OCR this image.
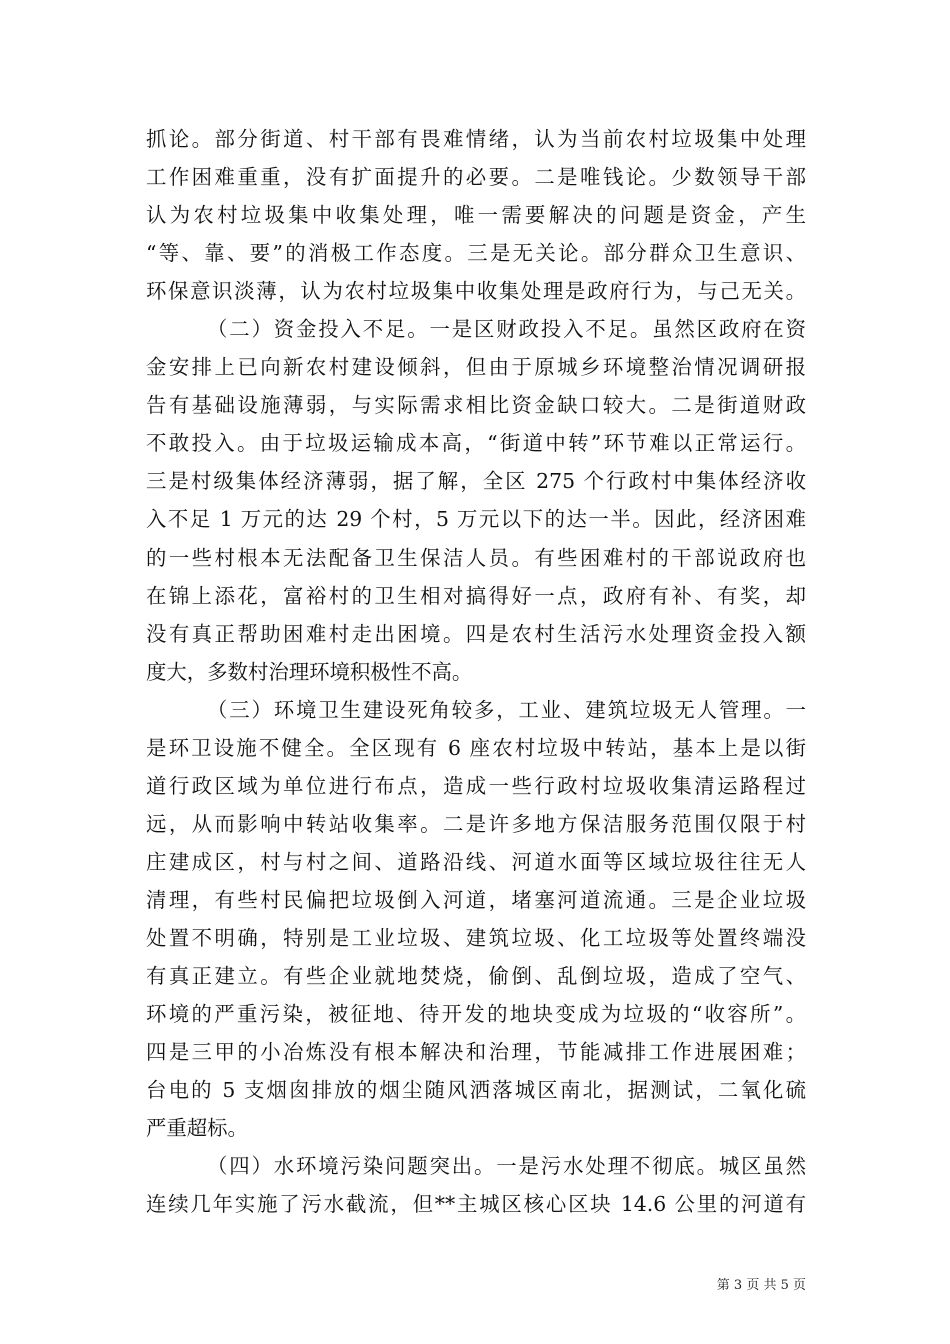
抓论。部分街道、村干部有畏难情绪，认为当前农村垃圾集中处理
工作困难重重，没有扩面提升的必要。二是唯钱论。少数领导干部
认为农村垃圾集中收集处理，唯一需要解决的问题是资金，产生
“等、靠、要”的消极工作态度。三是无关论。部分群众卫生意识、
环保意识淡薄，认为农村垃圾集中收集处理是政府行为，与己无关。
（二）资金投入不足。一是区财政投入不足。虽然区政府在资
金安排上已向新农村建设倾斜，但由于原城乡环境整治情况调研报
告有基础设施薄弱，与实际需求相比资金缺口较大。二是街道财政
不敢投入。由于垃圾运输成本高，“街道中转”环节难以正常运行。
三是村级集体经济薄弱，据了解，全区 275 个行政村中集体经济收
入不足 1 万元的达 29 个村，5 万元以下的达一半。因此，经济困难
的一些村根本无法配备卫生保洁人员。有些困难村的干部说政府也
在锦上添花，富裕村的卫生相对搞得好一点，政府有补、有奖，却
没有真正帮助困难村走出困境。四是农村生活污水处理资金投入额
度大，多数村治理环境积极性不高。
（三）环境卫生建设死角较多，工业、建筑垃圾无人管理。一
是环卫设施不健全。全区现有 6 座农村垃圾中转站，基本上是以街
道行政区域为单位进行布点，造成一些行政村垃圾收集清运路程过
远，从而影响中转站收集率。二是许多地方保洁服务范围仅限于村
庄建成区，村与村之间、道路沿线、河道水面等区域垃圾往往无人
清理，有些村民偏把垃圾倒入河道，堵塞河道流通。三是企业垃圾
处置不明确，特别是工业垃圾、建筑垃圾、化工垃圾等处置终端没
有真正建立。有些企业就地焚烧，偷倒、乱倒垃圾，造成了空气、
环境的严重污染，被征地、待开发的地块变成为垃圾的“收容所”。
四是三甲的小冶炼没有根本解决和治理，节能减排工作进展困难；
台电的 5 支烟囱排放的烟尘随风洒落城区南北，据测试，二氧化硫
严重超标。
（四）水环境污染问题突出。一是污水处理不彻底。城区虽然
连续几年实施了污水截流，但**主城区核心区块 14.6 公里的河道有
第 3 页 共 5 页
